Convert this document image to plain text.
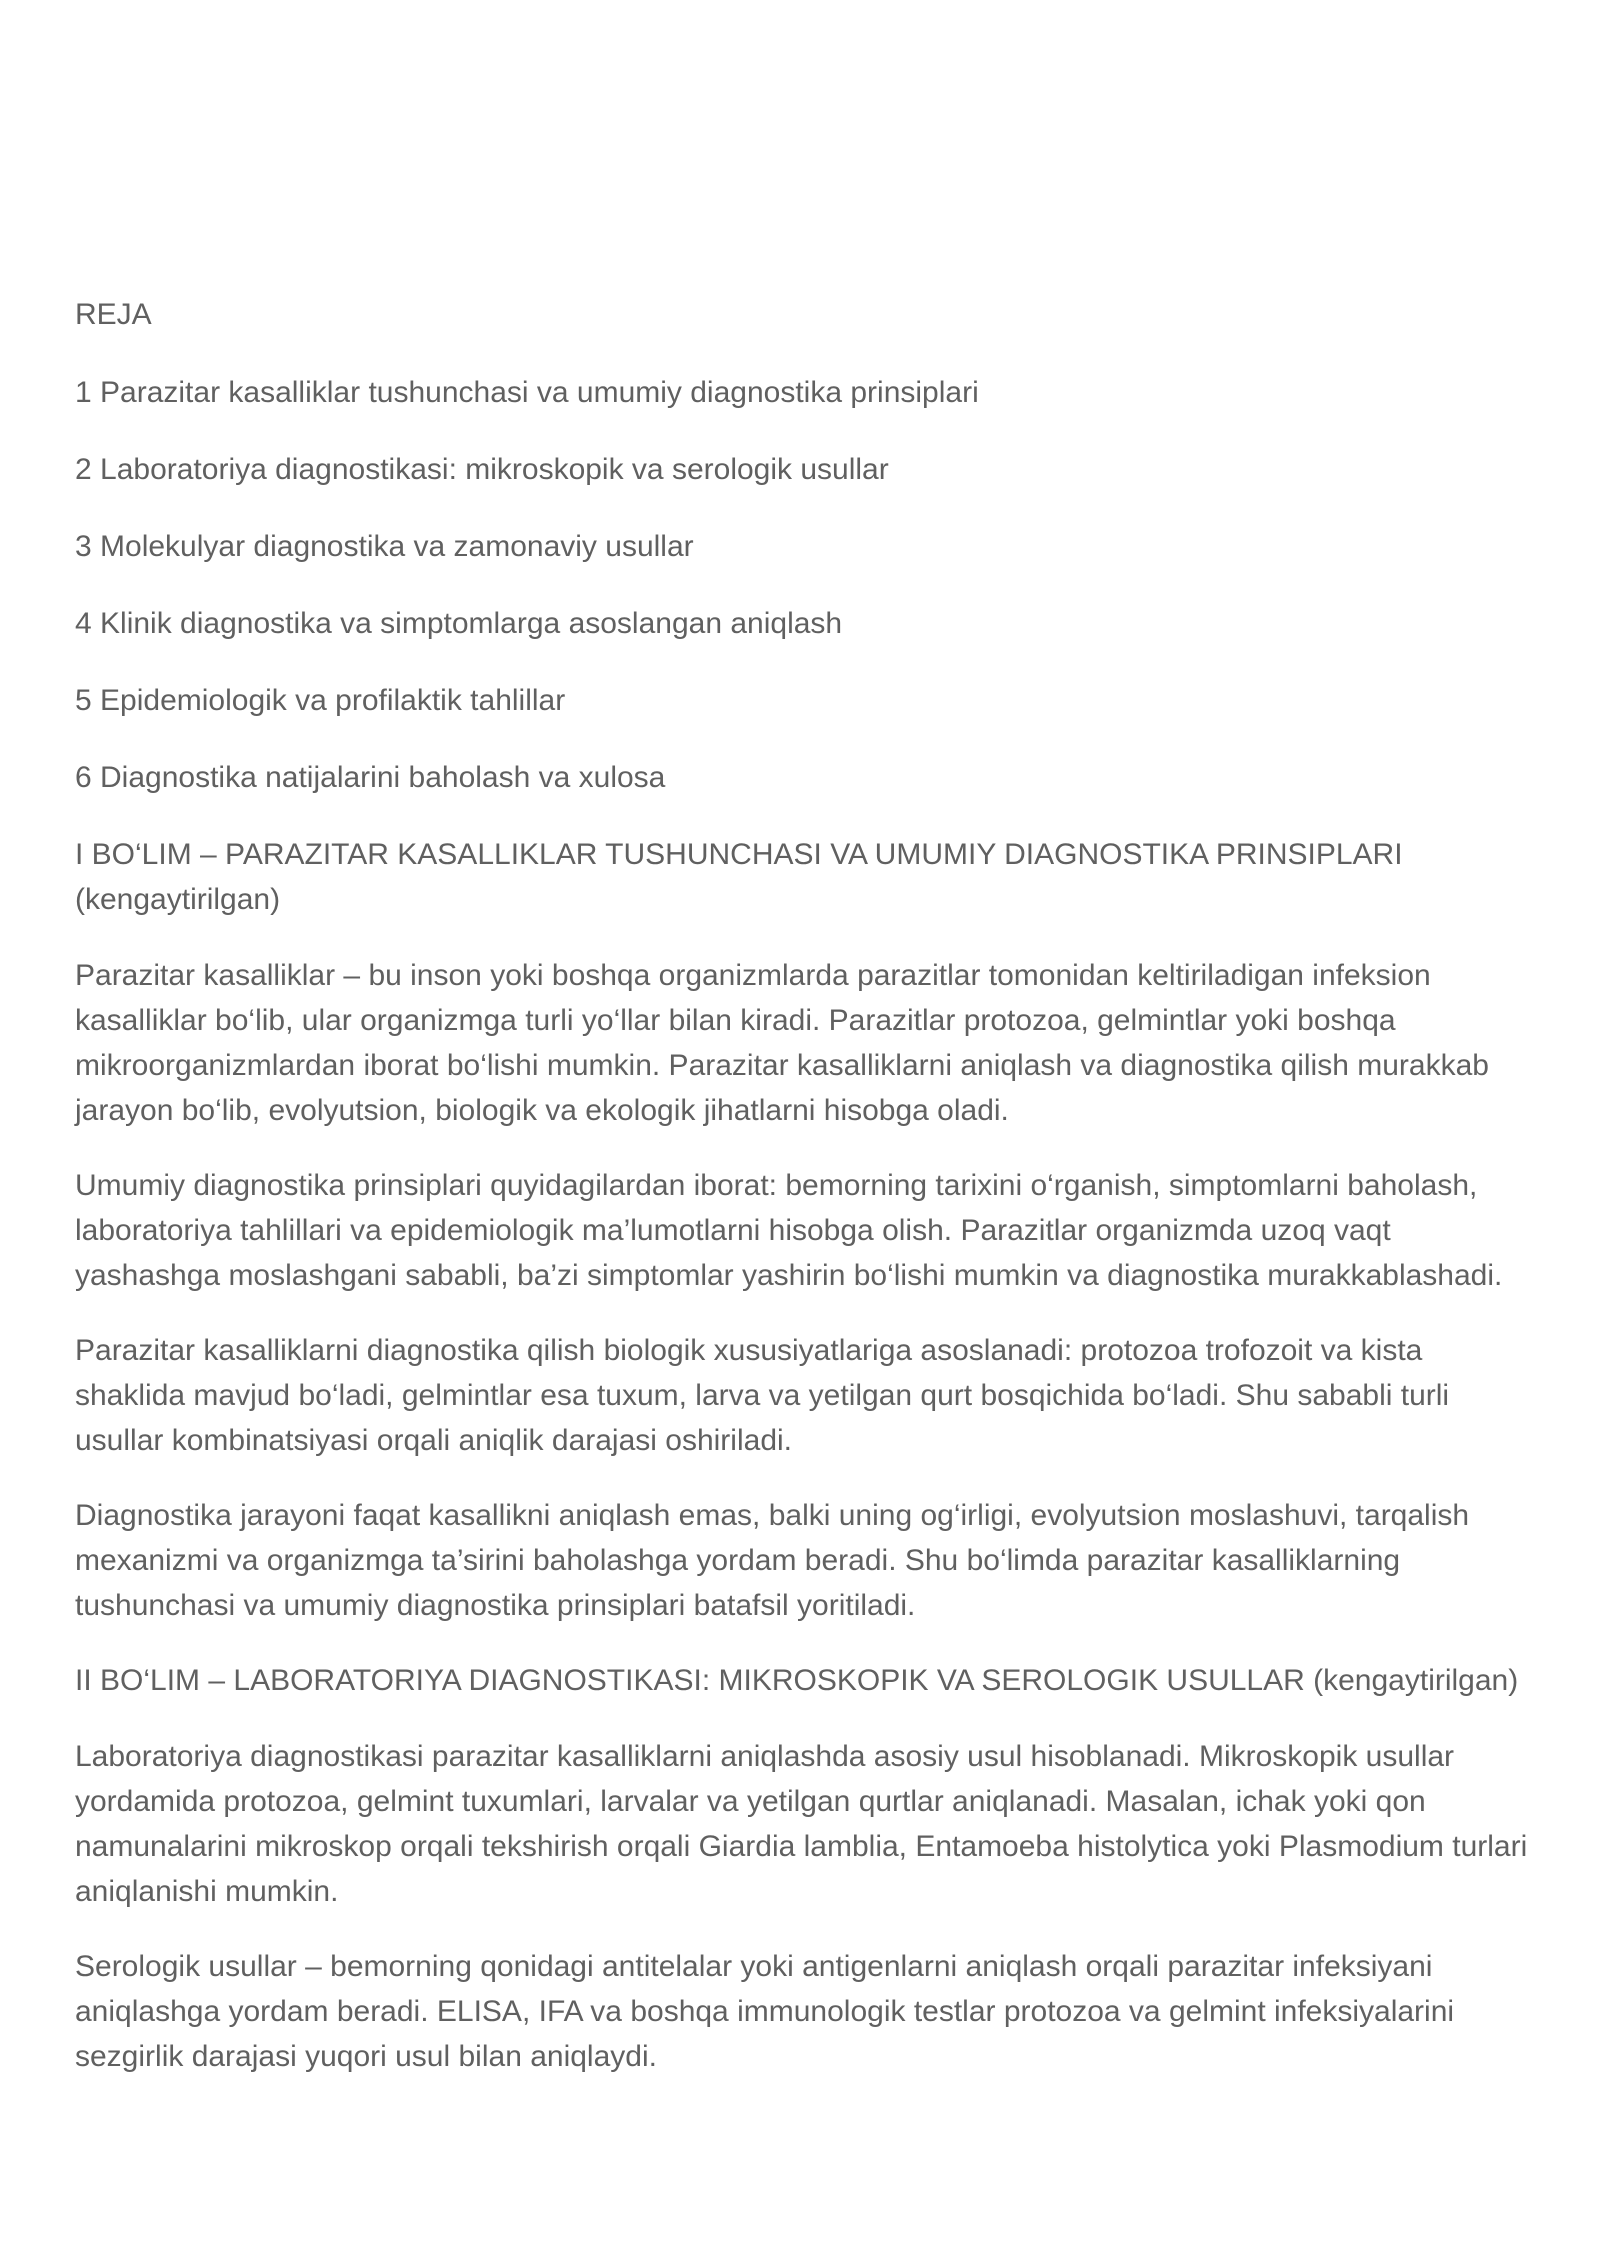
REJA
1 Parazitar kasalliklar tushunchasi va umumiy diagnostika prinsiplari
2 Laboratoriya diagnostikasi: mikroskopik va serologik usullar
3 Molekulyar diagnostika va zamonaviy usullar
4 Klinik diagnostika va simptomlarga asoslangan aniqlash
5 Epidemiologik va profilaktik tahlillar
6 Diagnostika natijalarini baholash va xulosa
I BO‘LIM – PARAZITAR KASALLIKLAR TUSHUNCHASI VA UMUMIY DIAGNOSTIKA PRINSIPLARI (kengaytirilgan)

Parazitar kasalliklar – bu inson yoki boshqa organizmlarda parazitlar tomonidan keltiriladigan infeksion kasalliklar bo‘lib, ular organizmga turli yo‘llar bilan kiradi. Parazitlar protozoa, gelmintlar yoki boshqa mikroorganizmlardan iborat bo‘lishi mumkin. Parazitar kasalliklarni aniqlash va diagnostika qilish murakkab jarayon bo‘lib, evolyutsion, biologik va ekologik jihatlarni hisobga oladi.

Umumiy diagnostika prinsiplari quyidagilardan iborat: bemorning tarixini o‘rganish, simptomlarni baholash, laboratoriya tahlillari va epidemiologik ma’lumotlarni hisobga olish. Parazitlar organizmda uzoq vaqt yashashga moslashgani sababli, ba’zi simptomlar yashirin bo‘lishi mumkin va diagnostika murakkablashadi.

Parazitar kasalliklarni diagnostika qilish biologik xususiyatlariga asoslanadi: protozoa trofozoit va kista shaklida mavjud bo‘ladi, gelmintlar esa tuxum, larva va yetilgan qurt bosqichida bo‘ladi. Shu sababli turli usullar kombinatsiyasi orqali aniqlik darajasi oshiriladi.

Diagnostika jarayoni faqat kasallikni aniqlash emas, balki uning og‘irligi, evolyutsion moslashuvi, tarqalish mexanizmi va organizmga ta’sirini baholashga yordam beradi. Shu bo‘limda parazitar kasalliklarning tushunchasi va umumiy diagnostika prinsiplari batafsil yoritiladi.

II BO‘LIM – LABORATORIYA DIAGNOSTIKASI: MIKROSKOPIK VA SEROLOGIK USULLAR (kengaytirilgan)

Laboratoriya diagnostikasi parazitar kasalliklarni aniqlashda asosiy usul hisoblanadi. Mikroskopik usullar yordamida protozoa, gelmint tuxumlari, larvalar va yetilgan qurtlar aniqlanadi. Masalan, ichak yoki qon namunalarini mikroskop orqali tekshirish orqali Giardia lamblia, Entamoeba histolytica yoki Plasmodium turlari aniqlanishi mumkin.

Serologik usullar – bemorning qonidagi antitelalar yoki antigenlarni aniqlash orqali parazitar infeksiyani aniqlashga yordam beradi. ELISA, IFA va boshqa immunologik testlar protozoa va gelmint infeksiyalarini sezgirlik darajasi yuqori usul bilan aniqlaydi.
